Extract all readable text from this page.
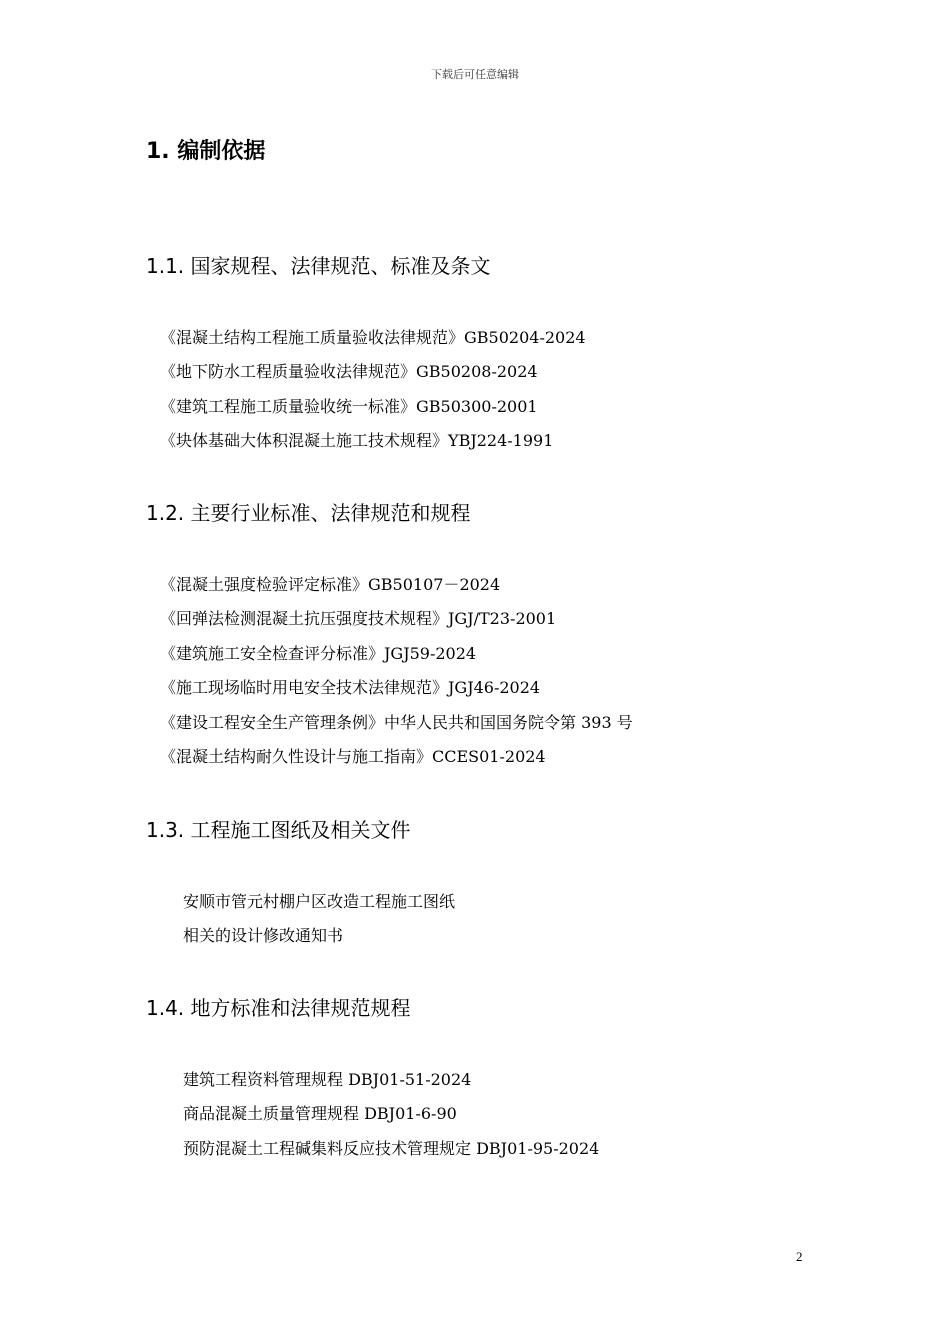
下载后可任意编辑
1. 编制依据
1.1. 国家规程、法律规范、标准及条文
《混凝土结构工程施工质量验收法律规范》GB50204-2024
《地下防水工程质量验收法律规范》GB50208-2024
《建筑工程施工质量验收统一标准》GB50300-2001
《块体基础大体积混凝土施工技术规程》YBJ224-1991
1.2. 主要行业标准、法律规范和规程
《混凝土强度检验评定标准》GB50107－2024
《回弹法检测混凝土抗压强度技术规程》JGJ/T23-2001
《建筑施工安全检查评分标准》JGJ59-2024
《施工现场临时用电安全技术法律规范》JGJ46-2024
《建设工程安全生产管理条例》中华人民共和国国务院令第 393 号
《混凝土结构耐久性设计与施工指南》CCES01-2024
1.3. 工程施工图纸及相关文件
安顺市管元村棚户区改造工程施工图纸
相关的设计修改通知书
1.4. 地方标准和法律规范规程
建筑工程资料管理规程 DBJ01-51-2024
商品混凝土质量管理规程 DBJ01-6-90
预防混凝土工程碱集料反应技术管理规定 DBJ01-95-2024
2
